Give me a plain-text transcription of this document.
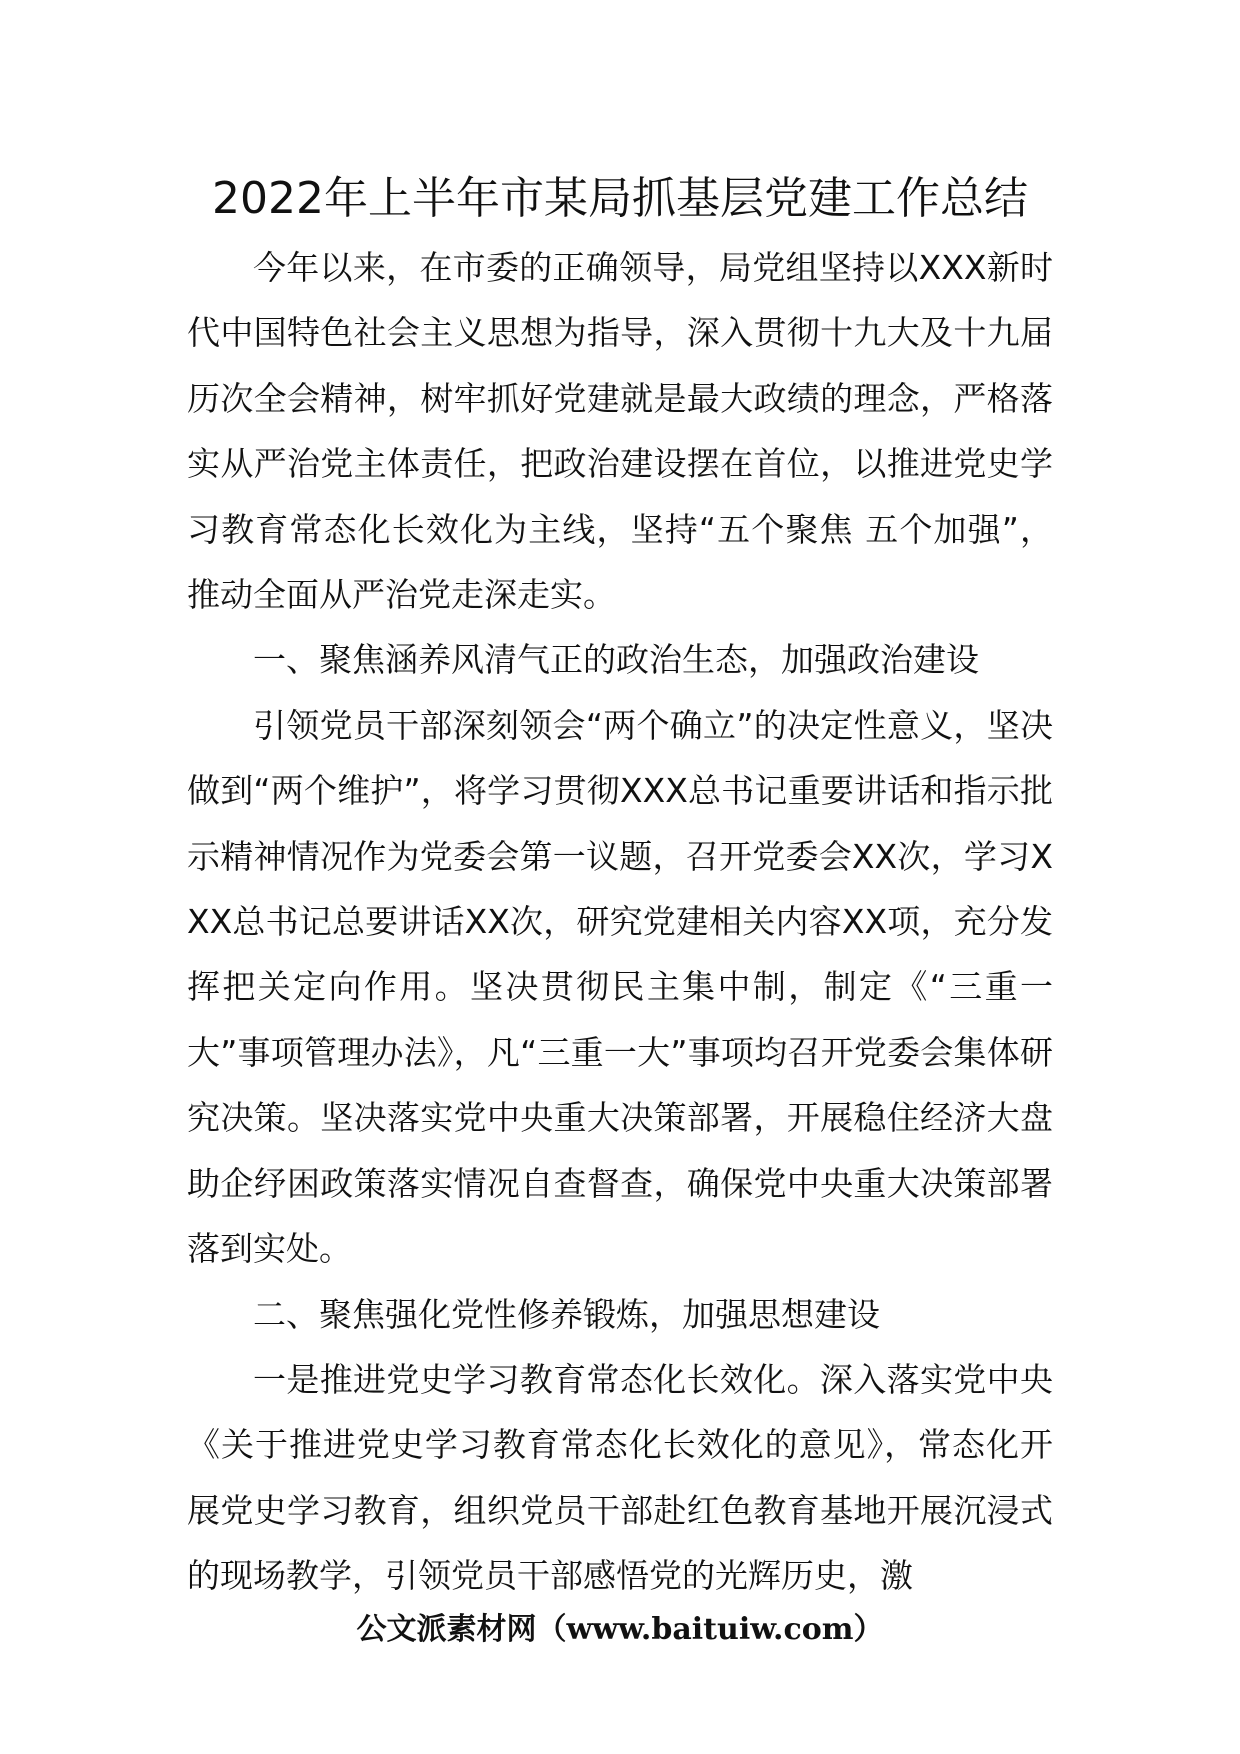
2022年上半年市某局抓基层党建工作总结

今年以来，在市委的正确领导，局党组坚持以XXX新时代中国特色社会主义思想为指导，深入贯彻十九大及十九届历次全会精神，树牢抓好党建就是最大政绩的理念，严格落实从严治党主体责任，把政治建设摆在首位，以推进党史学习教育常态化长效化为主线，坚持“五个聚焦 五个加强”，推动全面从严治党走深走实。

一、聚焦涵养风清气正的政治生态，加强政治建设

引领党员干部深刻领会“两个确立”的决定性意义，坚决做到“两个维护”，将学习贯彻XXX总书记重要讲话和指示批示精神情况作为党委会第一议题，召开党委会XX次，学习XXX总书记总要讲话XX次，研究党建相关内容XX项，充分发挥把关定向作用。坚决贯彻民主集中制，制定《“三重一大”事项管理办法》，凡“三重一大”事项均召开党委会集体研究决策。坚决落实党中央重大决策部署，开展稳住经济大盘助企纾困政策落实情况自查督查，确保党中央重大决策部署落到实处。

二、聚焦强化党性修养锻炼，加强思想建设

一是推进党史学习教育常态化长效化。深入落实党中央《关于推进党史学习教育常态化长效化的意见》，常态化开展党史学习教育，组织党员干部赴红色教育基地开展沉浸式的现场教学，引领党员干部感悟党的光辉历史，激

公文派素材网（www.baituiw.com）
